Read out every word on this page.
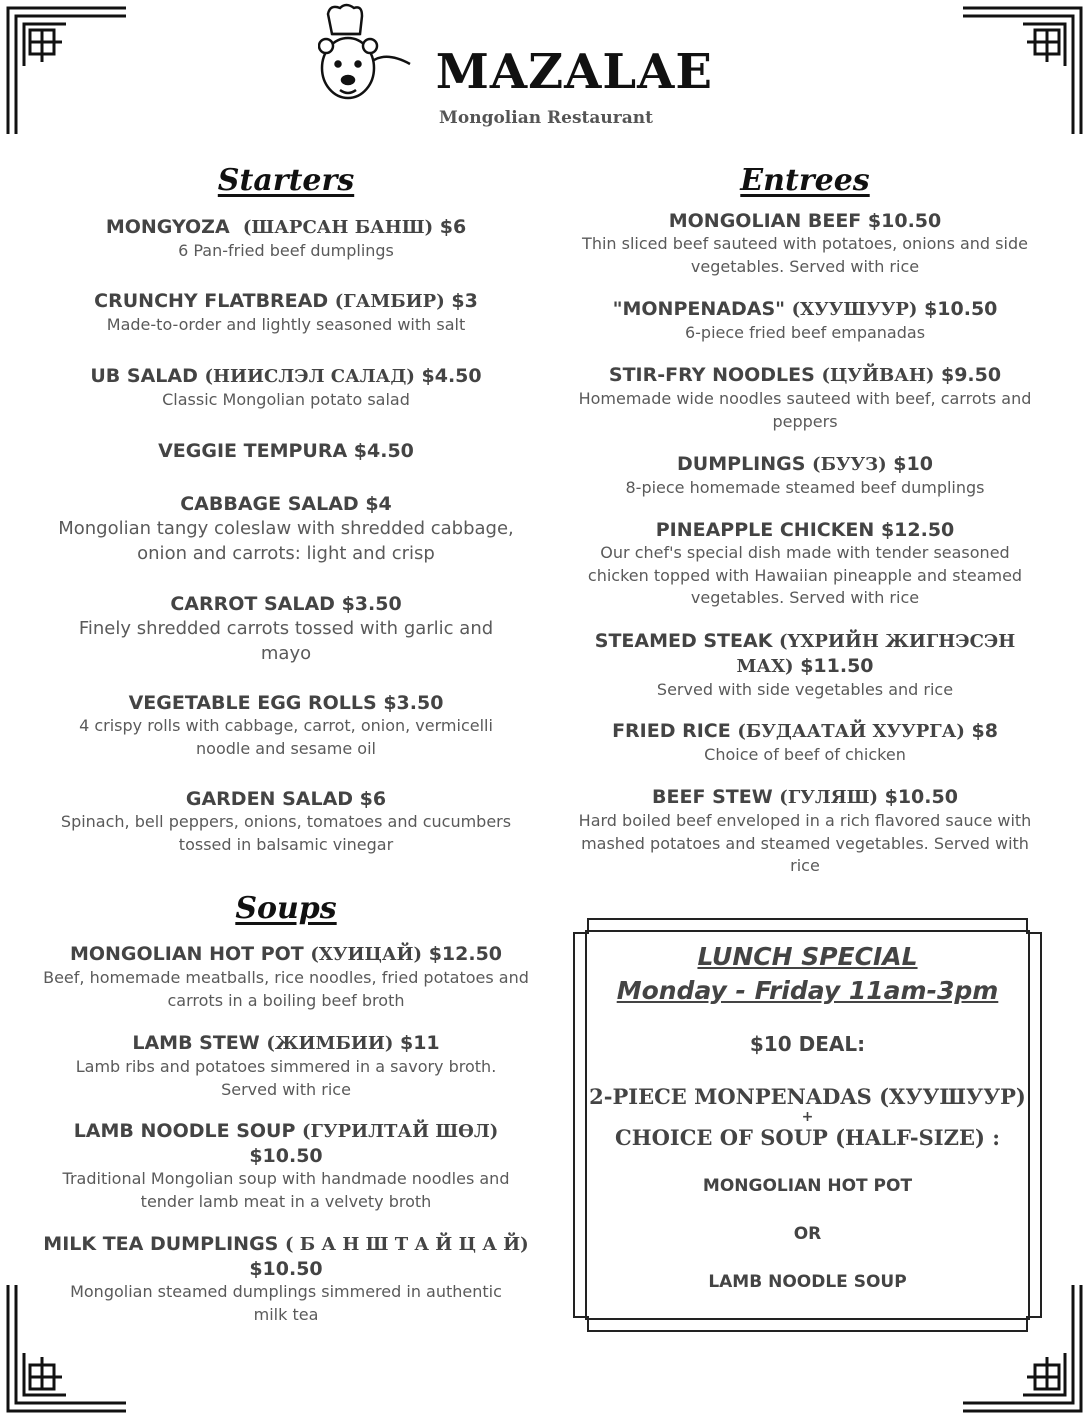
MAZALAE
Mongolian Restaurant
Starters	Entrees
Soups
MONGYOZA (ШАРСАН БАНШ) $6
6 Pan-fried beef dumplings
CRUNCHY FLATBREAD (ГАМБИР) $3
Made-to-order and lightly seasoned with salt
UB SALAD (НИИСЛЭЛ САЛАД) $4.50
Classic Mongolian potato salad
VEGGIE TEMPURA $4.50
CABBAGE SALAD $4
Mongolian tangy coleslaw with shredded cabbage, onion and carrots: light and crisp
CARROT SALAD $3.50
Finely shredded carrots tossed with garlic and mayo
VEGETABLE EGG ROLLS $3.50
4 crispy rolls with cabbage, carrot, onion, vermicelli noodle and sesame oil
GARDEN SALAD $6
Spinach, bell peppers, onions, tomatoes and cucumbers tossed in balsamic vinegar
MONGOLIAN HOT POT (ХУИЦАЙ) $12.50
Beef, homemade meatballs, rice noodles, fried potatoes and carrots in a boiling beef broth
LAMB STEW (ЖИМБИИ) $11
Lamb ribs and potatoes simmered in a savory broth. Served with rice
LAMB NOODLE SOUP (ГУРИЛТАЙ ШӨЛ) $10.50
Traditional Mongolian soup with handmade noodles and tender lamb meat in a velvety broth
MILK TEA DUMPLINGS ( Б А Н Ш Т А Й Ц А Й)
$10.50
Mongolian steamed dumplings simmered in authentic milk tea
MONGOLIAN BEEF $10.50
Thin sliced beef sauteed with potatoes, onions and side vegetables. Served with rice
"MONPENADAS" (ХУУШУУР) $10.50
6-piece fried beef empanadas
STIR-FRY NOODLES (ЦУЙВАН) $9.50
Homemade wide noodles sauteed with beef, carrots and peppers
DUMPLINGS (БУУЗ) $10
8-piece homemade steamed beef dumplings
PINEAPPLE CHICKEN $12.50
Our chef's special dish made with tender seasoned chicken topped with Hawaiian pineapple and steamed vegetables. Served with rice
STEAMED STEAK (ҮХРИЙН ЖИГНЭСЭН МАХ) $11.50
Served with side vegetables and rice
FRIED RICE (БУДААТАЙ ХУУРГА) $8
Choice of beef of chicken
BEEF STEW (ГУЛЯШ) $10.50
Hard boiled beef enveloped in a rich flavored sauce with mashed potatoes and steamed vegetables. Served with rice
LUNCH SPECIAL
Monday - Friday 11am-3pm
$10 DEAL:
2-PIECE MONPENADAS (ХУУШУУР)
+
CHOICE OF SOUP (HALF-SIZE) :
MONGOLIAN HOT POT
OR
LAMB NOODLE SOUP
